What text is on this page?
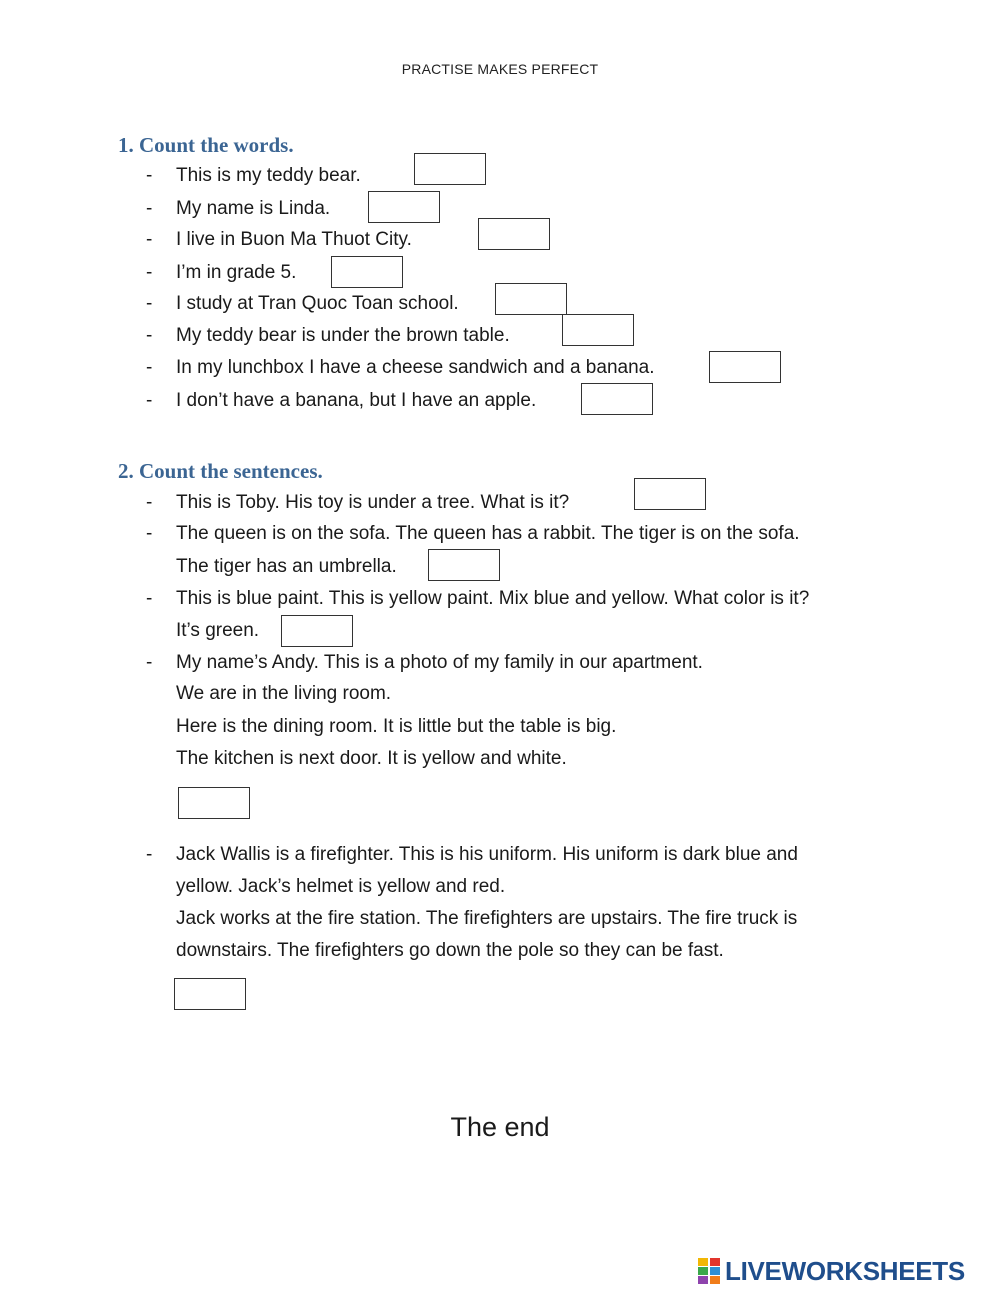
PRACTISE MAKES PERFECT
1. Count the words.
- This is my teddy bear.
- My name is Linda.
- I live in Buon Ma Thuot City.
- I’m in grade 5.
- I study at Tran Quoc Toan school.
- My teddy bear is under the brown table.
- In my lunchbox I have a cheese sandwich and a banana.
- I don’t have a banana, but I have an apple.
2. Count the sentences.
- This is Toby. His toy is under a tree. What is it?
- The queen is on the sofa. The queen has a rabbit. The tiger is on the sofa.
The tiger has an umbrella.
- This is blue paint. This is yellow paint. Mix blue and yellow. What color is it?
It’s green.
- My name’s Andy. This is a photo of my family in our apartment.
We are in the living room.
Here is the dining room. It is little but the table is big.
The kitchen is next door. It is yellow and white.
- Jack Wallis is a firefighter. This is his uniform. His uniform is dark blue and
yellow. Jack’s helmet is yellow and red.
Jack works at the fire station. The firefighters are upstairs. The fire truck is
downstairs. The firefighters go down the pole so they can be fast.
The end
LIVEWORKSHEETS
